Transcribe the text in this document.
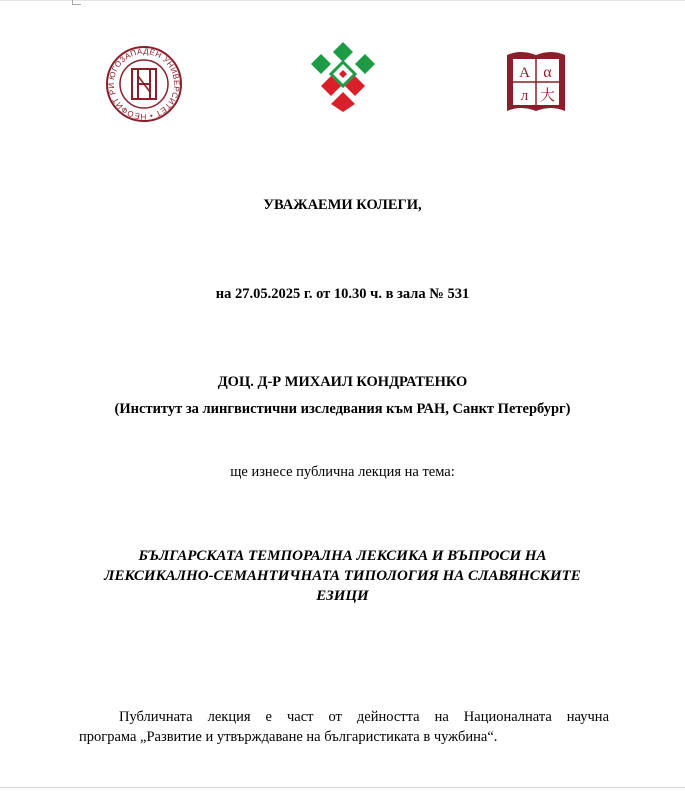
ЮГОЗАПАДЕН УНИВЕРСИТЕТ • НЕОФИТ РИ
А α
л 大
УВАЖАЕМИ КОЛЕГИ,
на 27.05.2025 г. от 10.30 ч. в зала № 531
ДОЦ. Д-Р МИХАИЛ КОНДРАТЕНКО
(Институт за лингвистични изследвания към РАН, Санкт Петербург)
ще изнесе публична лекция на тема:
БЪЛГАРСКАТА ТЕМПОРАЛНА ЛЕКСИКА И ВЪПРОСИ НА
ЛЕКСИКАЛНО-СЕМАНТИЧНАТА ТИПОЛОГИЯ НА СЛАВЯНСКИТЕ
ЕЗИЦИ
Публичната лекция е част от дейността на Националната научна
програма „Развитие и утвърждаване на българистиката в чужбина“.
